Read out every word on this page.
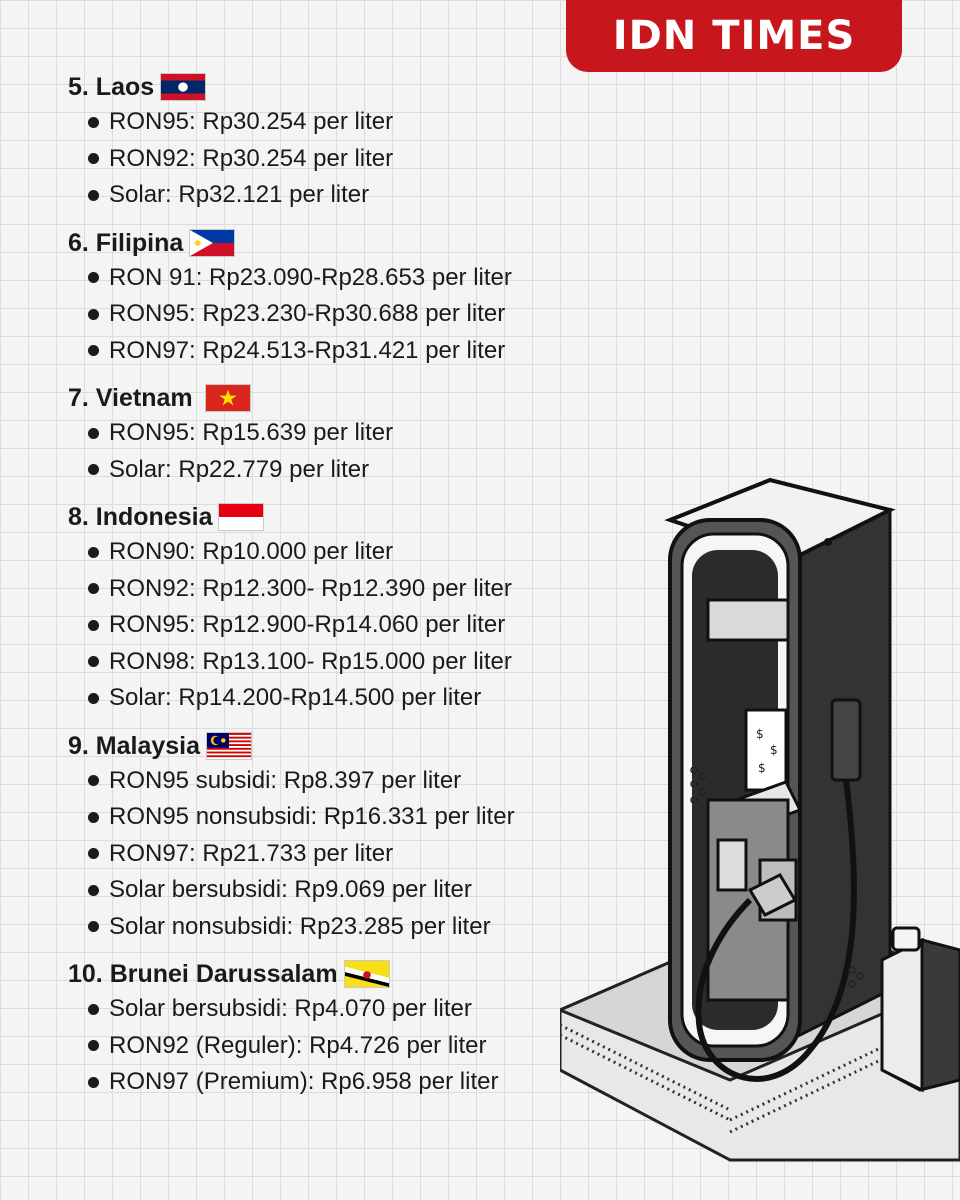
IDN TIMES
5. Laos
RON95: Rp30.254 per liter
RON92: Rp30.254 per liter
Solar: Rp32.121 per liter
6. Filipina
RON 91: Rp23.090-Rp28.653 per liter
RON95: Rp23.230-Rp30.688 per liter
RON97: Rp24.513-Rp31.421 per liter
7. Vietnam
RON95: Rp15.639 per liter
Solar: Rp22.779 per liter
8. Indonesia
RON90: Rp10.000 per liter
RON92: Rp12.300- Rp12.390 per liter
RON95: Rp12.900-Rp14.060 per liter
RON98: Rp13.100- Rp15.000 per liter
Solar: Rp14.200-Rp14.500 per liter
9. Malaysia
RON95 subsidi: Rp8.397 per liter
RON95 nonsubsidi: Rp16.331 per liter
RON97: Rp21.733 per liter
Solar bersubsidi: Rp9.069 per liter
Solar nonsubsidi: Rp23.285 per liter
10. Brunei Darussalam
Solar bersubsidi: Rp4.070 per liter
RON92 (Reguler): Rp4.726 per liter
RON97 (Premium): Rp6.958 per liter
$
$
$
